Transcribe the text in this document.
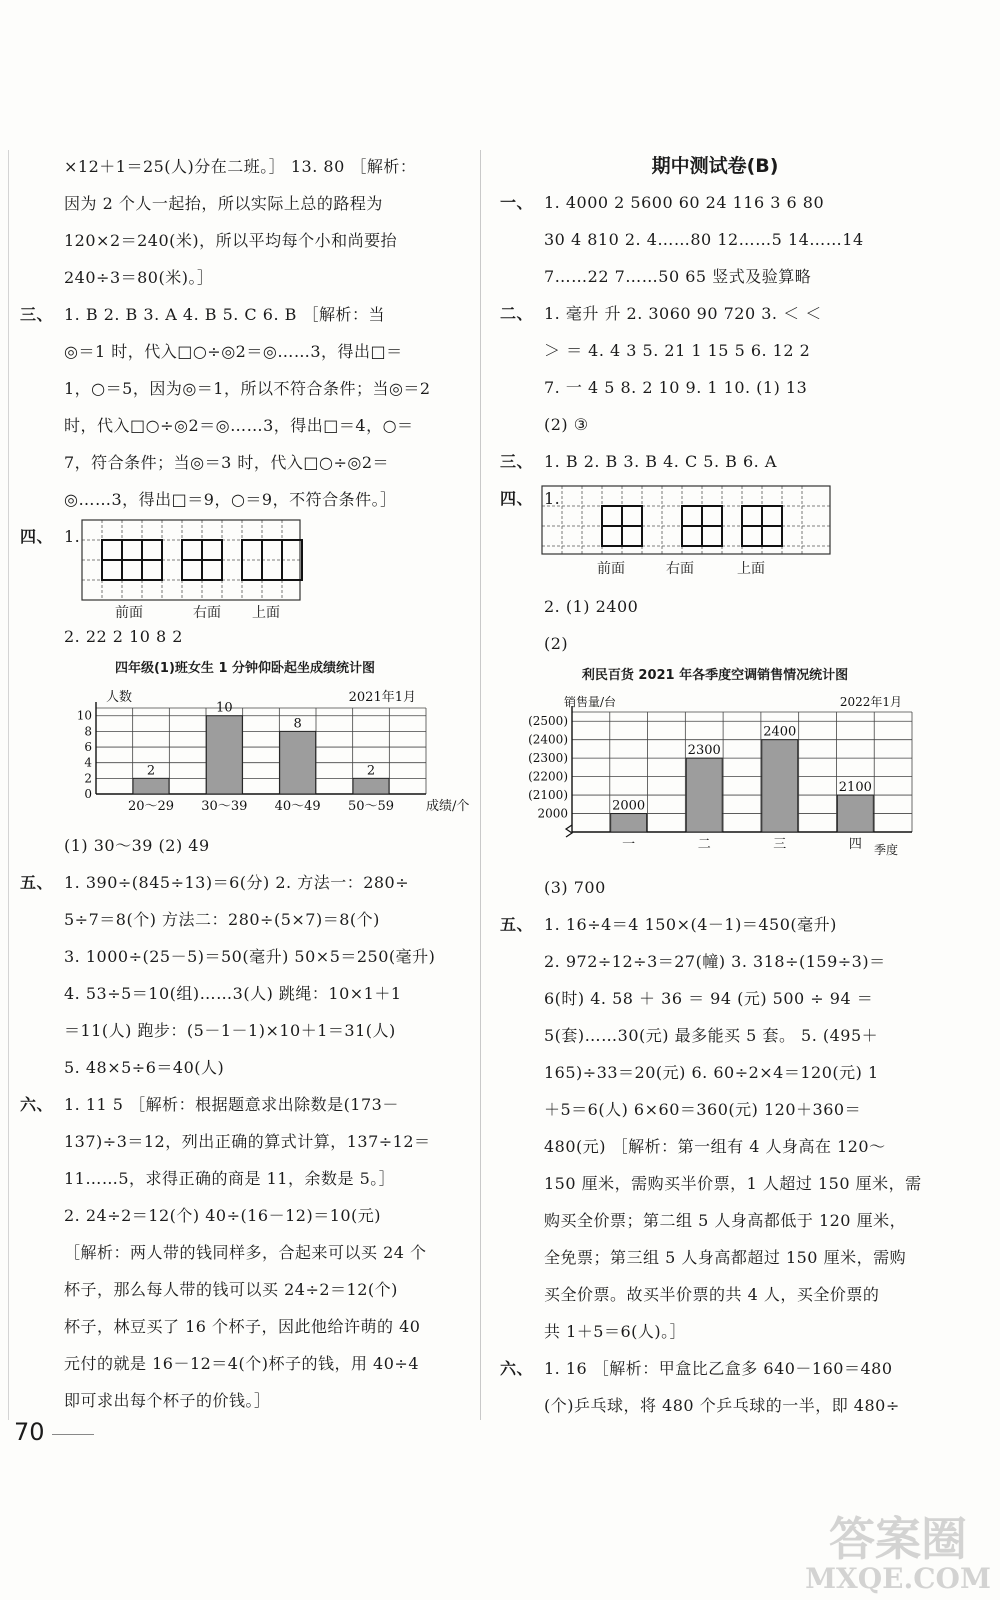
×12＋1＝25(人)分在二班。］ 13. 80 ［解析：
因为 2 个人一起抬，所以实际上总的路程为
120×2＝240(米)，所以平均每个小和尚要抬
240÷3＝80(米)。］
三、 1. B 2. B 3. A 4. B 5. C 6. B ［解析：当
◎＝1 时，代入□○÷◎2＝◎……3，得出□＝
1，○＝5，因为◎＝1，所以不符合条件；当◎＝2
时，代入□○÷◎2＝◎……3，得出□＝4，○＝
7，符合条件；当◎＝3 时，代入□○÷◎2＝
◎……3，得出□＝9，○＝9，不符合条件。］
四、 1.
前面	右面 上面
2. 22 2 10 8 2
四年级(1)班女生 1 分钟仰卧起坐成绩统计图
0
2
4
6
8
10
2
20～29
10
30～39
8
40～49
2
50～59
人数	2021年1月
成绩/个
(1) 30～39 (2) 49
五、 1. 390÷(845÷13)＝6(分) 2. 方法一：280÷
5÷7＝8(个) 方法二：280÷(5×7)＝8(个)
3. 1000÷(25－5)＝50(毫升) 50×5＝250(毫升)
4. 53÷5＝10(组)……3(人) 跳绳：10×1＋1
＝11(人) 跑步：(5－1－1)×10＋1＝31(人)
5. 48×5÷6＝40(人)
六、 1. 11 5 ［解析：根据题意求出除数是(173－
137)÷3＝12，列出正确的算式计算，137÷12＝
11……5，求得正确的商是 11，余数是 5。］
2. 24÷2＝12(个) 40÷(16－12)＝10(元)
［解析：两人带的钱同样多，合起来可以买 24 个
杯子，那么每人带的钱可以买 24÷2＝12(个)
杯子，林豆买了 16 个杯子，因此他给许萌的 40
元付的就是 16－12＝4(个)杯子的钱，用 40÷4
即可求出每个杯子的价钱。］
期中测试卷(B)
一、 1. 4000 2 5600 60 24 116 3 6 80
30 4 810 2. 4……80 12……5 14……14
7……22 7……50 65 竖式及验算略
二、 1. 毫升 升 2. 3060 90 720 3. ＜ ＜
＞ ＝ 4. 4 3 5. 21 1 15 5 6. 12 2
7. 一 4 5 8. 2 10 9. 1 10. (1) 13
(2) ③
三、 1. B 2. B 3. B 4. C 5. B 6. A
四、 1.
前面	右面	上面
2. (1) 2400
(2)
利民百货 2021 年各季度空调销售情况统计图
2000
(2100)
(2200)
(2300)
(2400)
(2500)
2000
一
2300
二
2400
三
2100
四
销售量/台	2022年1月
季度
(3) 700
五、 1. 16÷4＝4 150×(4－1)＝450(毫升)
2. 972÷12÷3＝27(幢) 3. 318÷(159÷3)＝
6(时) 4. 58 ＋ 36 ＝ 94 (元) 500 ÷ 94 ＝
5(套)……30(元) 最多能买 5 套。 5. (495＋
165)÷33＝20(元) 6. 60÷2×4＝120(元) 1
＋5＝6(人) 6×60＝360(元) 120＋360＝
480(元) ［解析：第一组有 4 人身高在 120～
150 厘米，需购买半价票，1 人超过 150 厘米，需
购买全价票；第二组 5 人身高都低于 120 厘米，
全免票；第三组 5 人身高都超过 150 厘米，需购
买全价票。故买半价票的共 4 人，买全价票的
共 1＋5＝6(人)。］
六、 1. 16 ［解析：甲盒比乙盒多 640－160＝480
(个)乒乓球，将 480 个乒乓球的一半，即 480÷
70
答案圈
MXQE.COM
